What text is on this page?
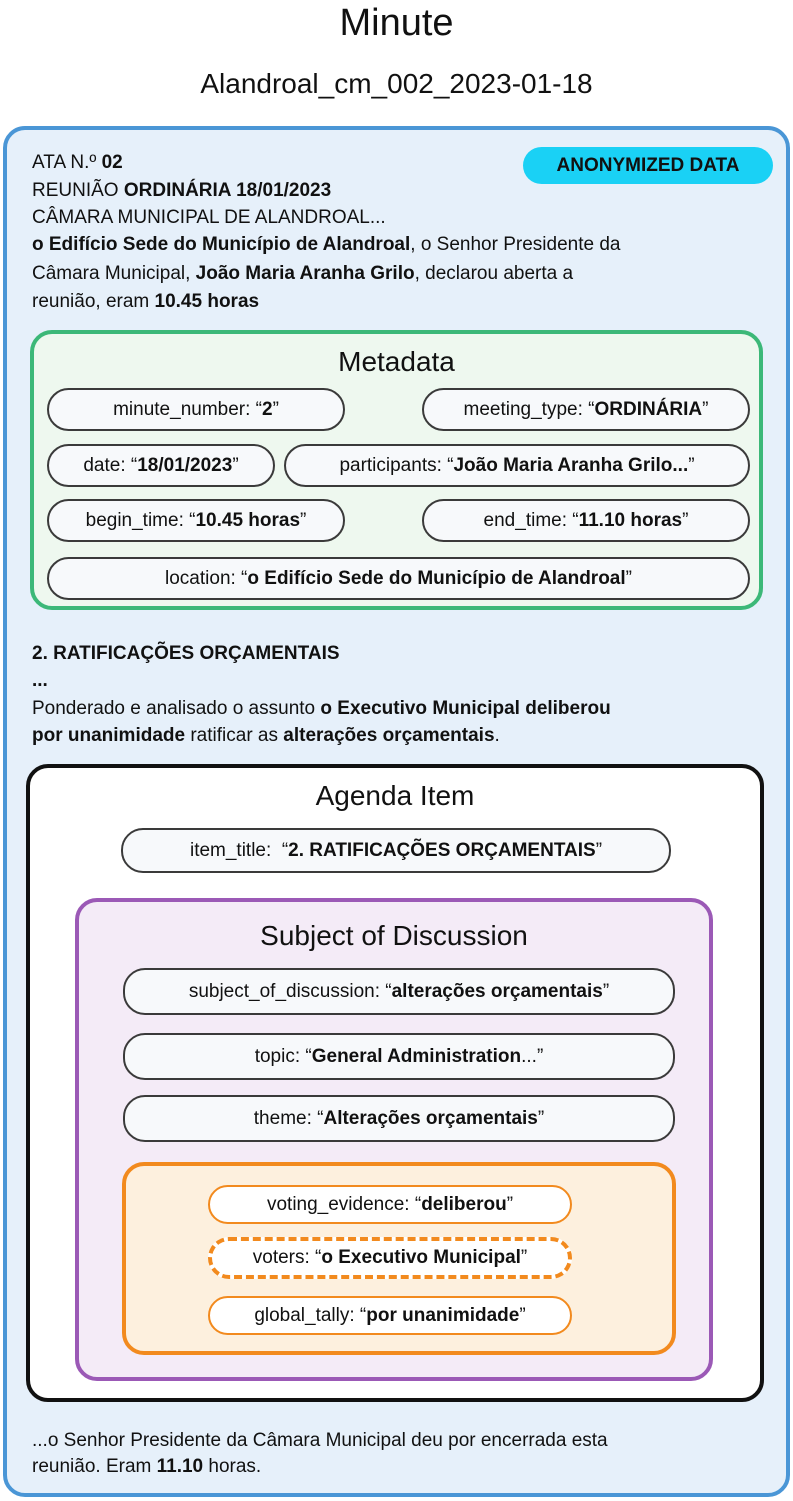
Minute
Alandroal_cm_002_2023-01-18
ANONYMIZED DATA
ATA N.º 02
REUNIÃO ORDINÁRIA 18/01/2023
CÂMARA MUNICIPAL DE ALANDROAL...
o Edifício Sede do Município de Alandroal, o Senhor Presidente da
Câmara Municipal, João Maria Aranha Grilo, declarou aberta a
reunião, eram 10.45 horas
Metadata
minute_number: “ 2 ”	meeting_type: “ ORDINÁRIA ”
date: “ 18/01/2023 ”	participants: “ João Maria Aranha Grilo... ”
begin_time: “ 10.45 horas ”	end_time: “ 11.10 horas ”
location: “ o Edifício Sede do Município de Alandroal ”
2. RATIFICAÇÕES ORÇAMENTAIS
...
Ponderado e analisado o assunto o Executivo Municipal deliberou
por unanimidade ratificar as alterações orçamentais.
Agenda Item
item_title:  “ 2. RATIFICAÇÕES ORÇAMENTAIS ”
Subject of Discussion
subject_of_discussion: “ alterações orçamentais ”
topic: “ General Administration ...”
theme: “ Alterações orçamentais ”
voting_evidence: “ deliberou ”
voters: “ o Executivo Municipal ”
global_tally: “ por unanimidade ”
...o Senhor Presidente da Câmara Municipal deu por encerrada esta
reunião. Eram 11.10 horas.
